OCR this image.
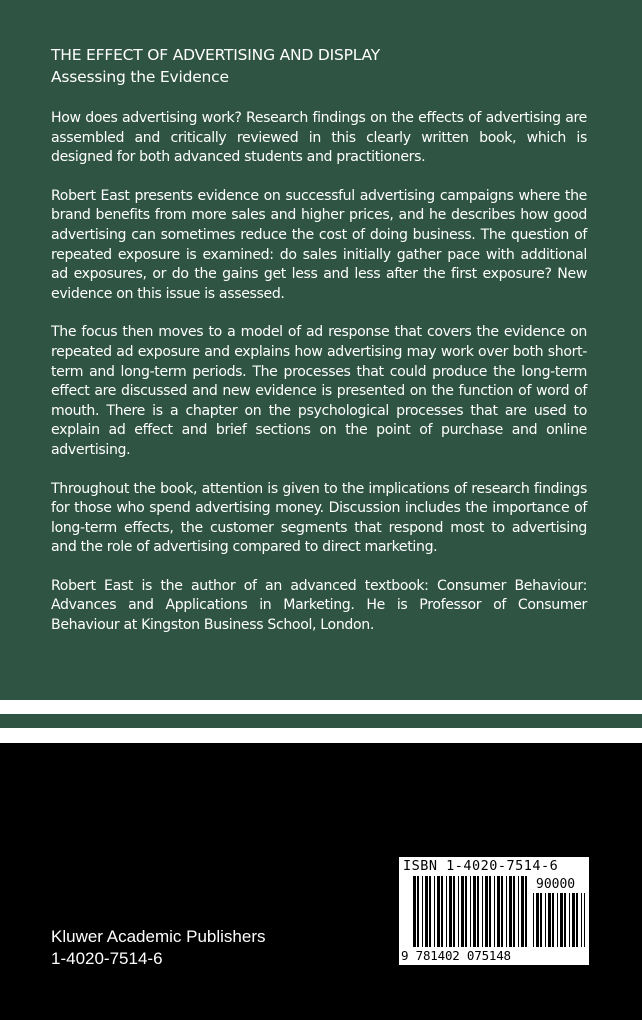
THE EFFECT OF ADVERTISING AND DISPLAY
Assessing the Evidence

How does advertising work? Research findings on the effects of advertising are assembled and critically reviewed in this clearly written book, which is designed for both advanced students and practitioners.

Robert East presents evidence on successful advertising campaigns where the brand benefits from more sales and higher prices, and he describes how good advertising can sometimes reduce the cost of doing business. The question of repeated exposure is examined: do sales initially gather pace with additional ad exposures, or do the gains get less and less after the first exposure? New evidence on this issue is assessed.

The focus then moves to a model of ad response that covers the evidence on repeated ad exposure and explains how advertising may work over both short-term and long-term periods. The processes that could produce the long-term effect are discussed and new evidence is presented on the function of word of mouth. There is a chapter on the psychological processes that are used to explain ad effect and brief sections on the point of purchase and online advertising.

Throughout the book, attention is given to the implications of research findings for those who spend advertising money. Discussion includes the importance of long-term effects, the customer segments that respond most to advertising and the role of advertising compared to direct marketing.

Robert East is the author of an advanced textbook: Consumer Behaviour: Advances and Applications in Marketing. He is Professor of Consumer Behaviour at Kingston Business School, London.

Kluwer Academic Publishers
1-4020-7514-6
ISBN 1-4020-7514-6
90000
9 781402 075148
